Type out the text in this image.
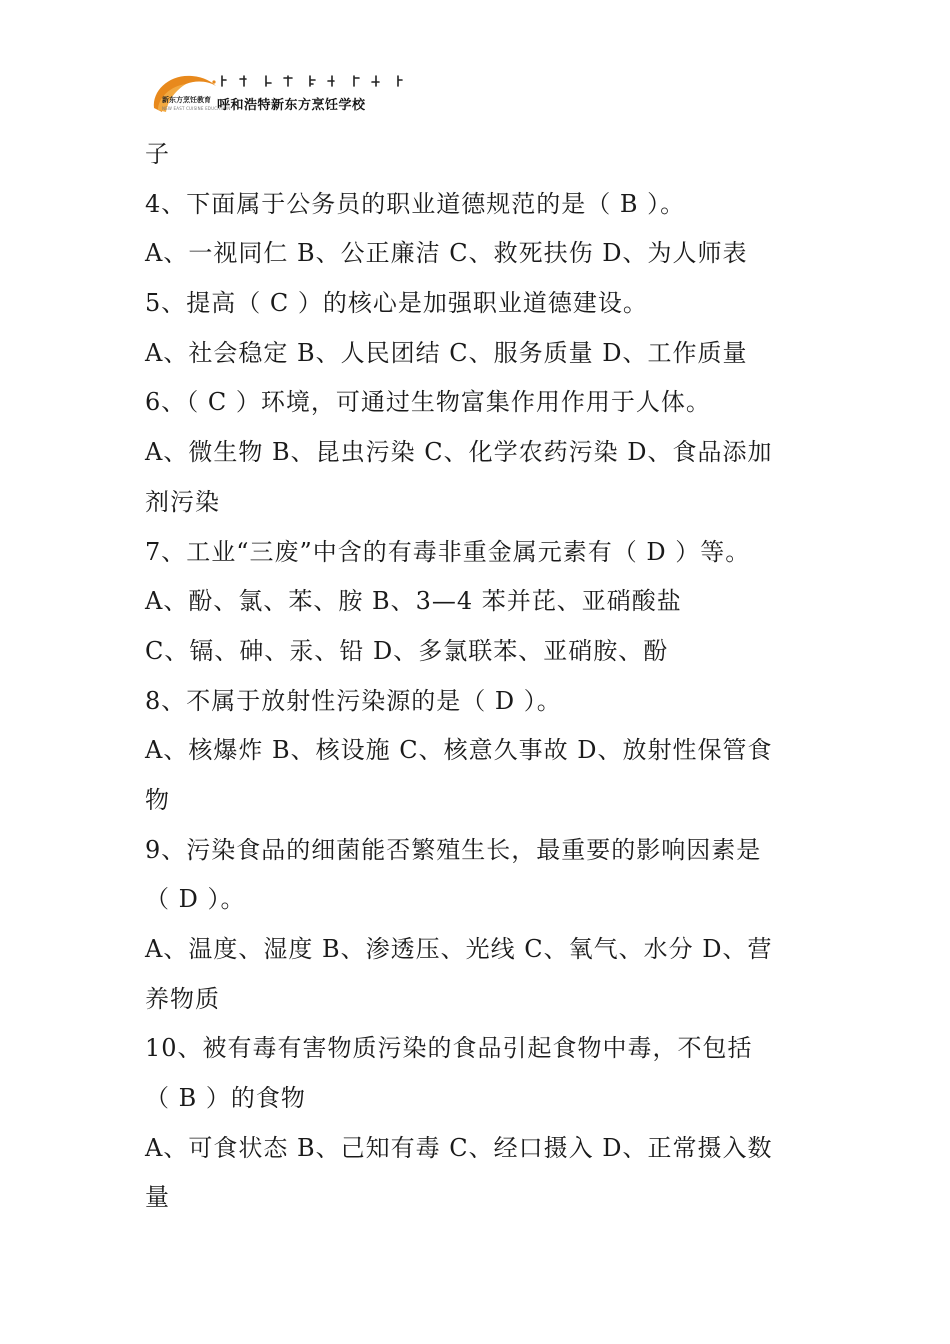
新东方烹饪教育
NEW EAST CUISINE EDUCATION
呼和浩特新东方烹饪学校
子
4、下面属于公务员的职业道德规范的是（ B ）。
A、一视同仁 B、公正廉洁 C、救死扶伤 D、为人师表
5、提高（ C ）的核心是加强职业道德建设。
A、社会稳定 B、人民团结 C、服务质量 D、工作质量
6、（ C ）环境，可通过生物富集作用作用于人体。
A、微生物 B、昆虫污染 C、化学农药污染 D、食品添加
剂污染
7、工业“三废”中含的有毒非重金属元素有（ D ）等。
A、酚、氯、苯、胺 B、3—4 苯并芘、亚硝酸盐
C、镉、砷、汞、铅 D、多氯联苯、亚硝胺、酚
8、不属于放射性污染源的是（ D ）。
A、核爆炸 B、核设施 C、核意久事故 D、放射性保管食
物
9、污染食品的细菌能否繁殖生长，最重要的影响因素是
（ D ）。
A、温度、湿度 B、渗透压、光线 C、氧气、水分 D、营
养物质
10、被有毒有害物质污染的食品引起食物中毒，不包括
（ B ）的食物
A、可食状态 B、己知有毒 C、经口摄入 D、正常摄入数
量
